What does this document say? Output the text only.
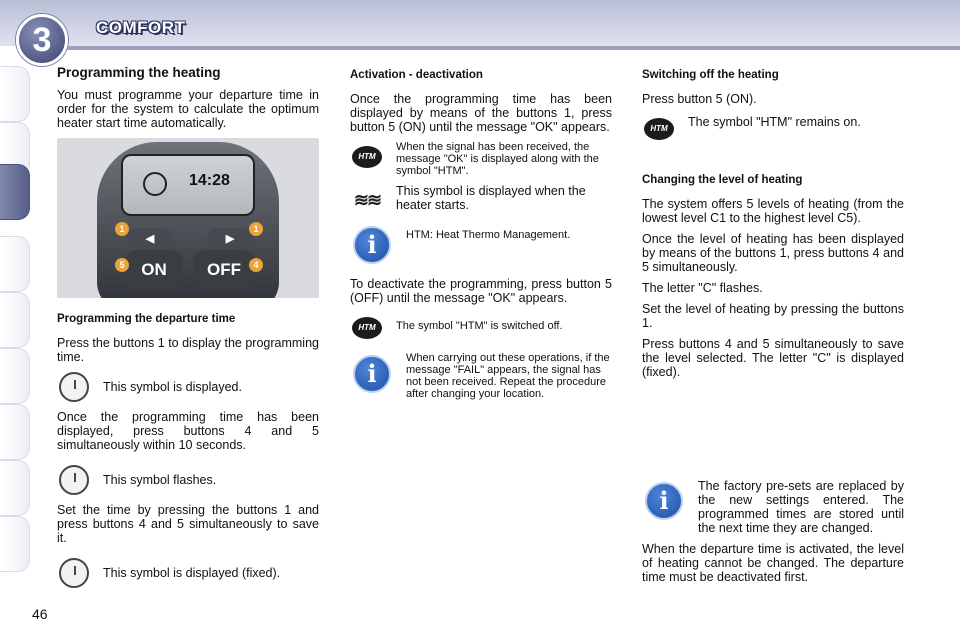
3	COMFORT
Programming the heating

You must programme your departure time in order for the system to calculate the optimum heater start time automatically.

14:28
◀	▶
ON	OFF
1	1
5	4
Programming the departure time

Press the buttons 1 to display the programming time.

This symbol is displayed.

Once the programming time has been displayed, press buttons 4 and 5 simultaneously within 10 seconds.

This symbol flashes.

Set the time by pressing the buttons 1 and press buttons 4 and 5 simultaneously to save it.

This symbol is displayed (fixed).
Activation - deactivation

Once the programming time has been displayed by means of the buttons 1, press button 5 (ON) until the message "OK" appears.

HTM
When the signal has been received, the message "OK" is displayed along with the symbol "HTM".
≋≋ This symbol is displayed when the heater starts.
i	HTM: Heat Thermo Management.

To deactivate the programming, press button 5 (OFF) until the message "OK" appears.

HTM	The symbol "HTM" is switched off.
i
When carrying out these operations, if the message "FAIL" appears, the signal has not been received. Repeat the procedure after changing your location.
Switching off the heating

Press button 5 (ON).

HTM	The symbol "HTM" remains on.
Changing the level of heating

The system offers 5 levels of heating (from the lowest level C1 to the highest level C5).

Once the level of heating has been displayed by means of the buttons 1, press buttons 4 and 5 simultaneously.

The letter "C" flashes.

Set the level of heating by pressing the buttons 1.

Press buttons 4 and 5 simultaneously to save the level selected. The letter "C" is displayed (fixed).

i	The factory pre-sets are replaced by the new settings entered. The programmed times are stored until the next time they are changed.

When the departure time is activated, the level of heating cannot be changed. The departure time must be deactivated first.

46
